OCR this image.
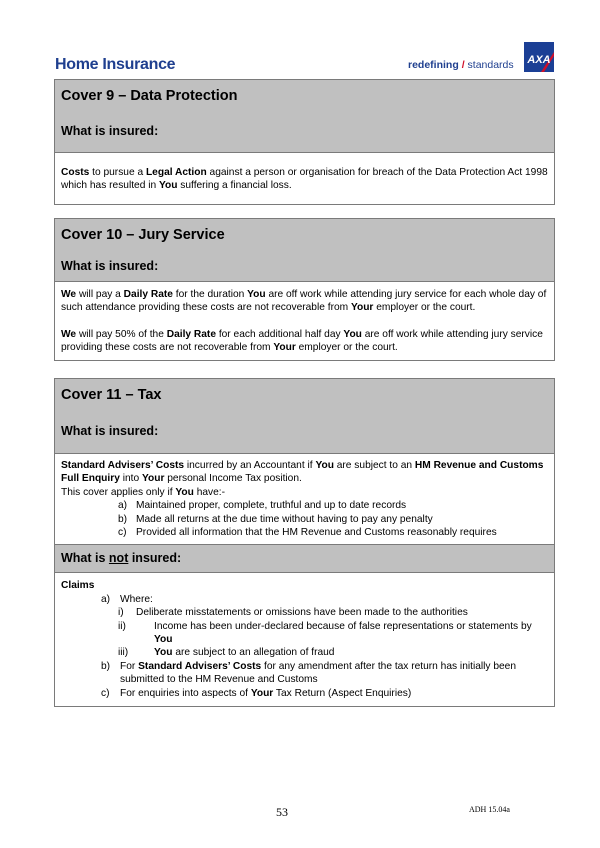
Home Insurance	redefining / standards AXA
Cover 9 – Data Protection
What is insured:

Costs to pursue a Legal Action against a person or organisation for breach of the Data Protection Act 1998 which has resulted in You suffering a financial loss.

Cover 10 – Jury Service
What is insured:

We will pay a Daily Rate for the duration You are off work while attending jury service for each whole day of such attendance providing these costs are not recoverable from Your employer or the court.

We will pay 50% of the Daily Rate for each additional half day You are off work while attending jury service providing these costs are not recoverable from Your employer or the court.

Cover 11 – Tax
What is insured:

Standard Advisers’ Costs incurred by an Accountant if You are subject to an HM Revenue and Customs Full Enquiry into Your personal Income Tax position.

This cover applies only if You have:-
a) Maintained proper, complete, truthful and up to date records
b) Made all returns at the due time without having to pay any penalty
c) Provided all information that the HM Revenue and Customs reasonably requires
What is not insured:
Claims
a) Where:
i) Deliberate misstatements or omissions have been made to the authorities
ii)	Income has been under-declared because of false representations or statements by You
iii)	You are subject to an allegation of fraud
b) For Standard Advisers’ Costs for any amendment after the tax return has initially been submitted to the HM Revenue and Customs
c) For enquiries into aspects of Your Tax Return (Aspect Enquiries)
53	ADH 15.04a
